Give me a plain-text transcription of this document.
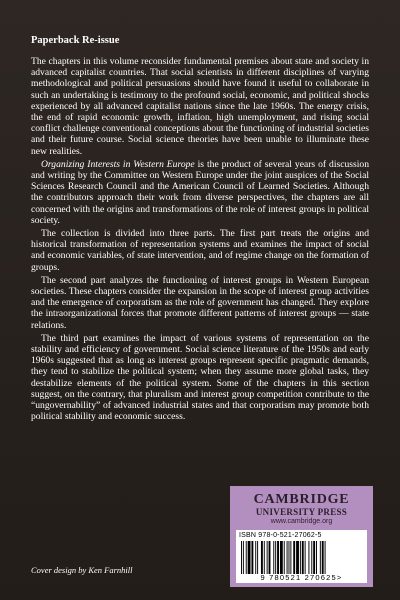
Paperback Re-issue

The chapters in this volume reconsider fundamental premises about state and society in advanced capitalist countries. That social scientists in different disciplines of varying methodological and political persuasions should have found it useful to collaborate in such an undertaking is testimony to the profound social, economic, and political shocks experienced by all advanced capitalist nations since the late 1960s. The energy crisis, the end of rapid economic growth, inflation, high unemployment, and rising social conflict challenge conventional conceptions about the functioning of industrial societies and their future course. Social science theories have been unable to illuminate these new realities.

Organizing Interests in Western Europe is the product of several years of discussion and writing by the Committee on Western Europe under the joint auspices of the Social Sciences Research Council and the American Council of Learned Societies. Although the contributors approach their work from diverse perspectives, the chapters are all concerned with the origins and transformations of the role of interest groups in political society.

The collection is divided into three parts. The first part treats the origins and historical transformation of representation systems and examines the impact of social and economic variables, of state intervention, and of regime change on the formation of groups.

The second part analyzes the functioning of interest groups in Western European societies. These chapters consider the expansion in the scope of interest group activities and the emergence of corporatism as the role of government has changed. They explore the intraorganizational forces that promote different patterns of interest groups — state relations.

The third part examines the impact of various systems of representation on the stability and efficiency of government. Social science literature of the 1950s and early 1960s suggested that as long as interest groups represent specific pragmatic demands, they tend to stabilize the political system; when they assume more global tasks, they destabilize elements of the political system. Some of the chapters in this section suggest, on the contrary, that pluralism and interest group competition contribute to the “ungovernability” of advanced industrial states and that corporatism may promote both political stability and economic success.

CAMBRIDGE
UNIVERSITY PRESS
www.cambridge.org
ISBN 978-0-521-27062-5
9 780521 270625>
Cover design by Ken Farnhill
